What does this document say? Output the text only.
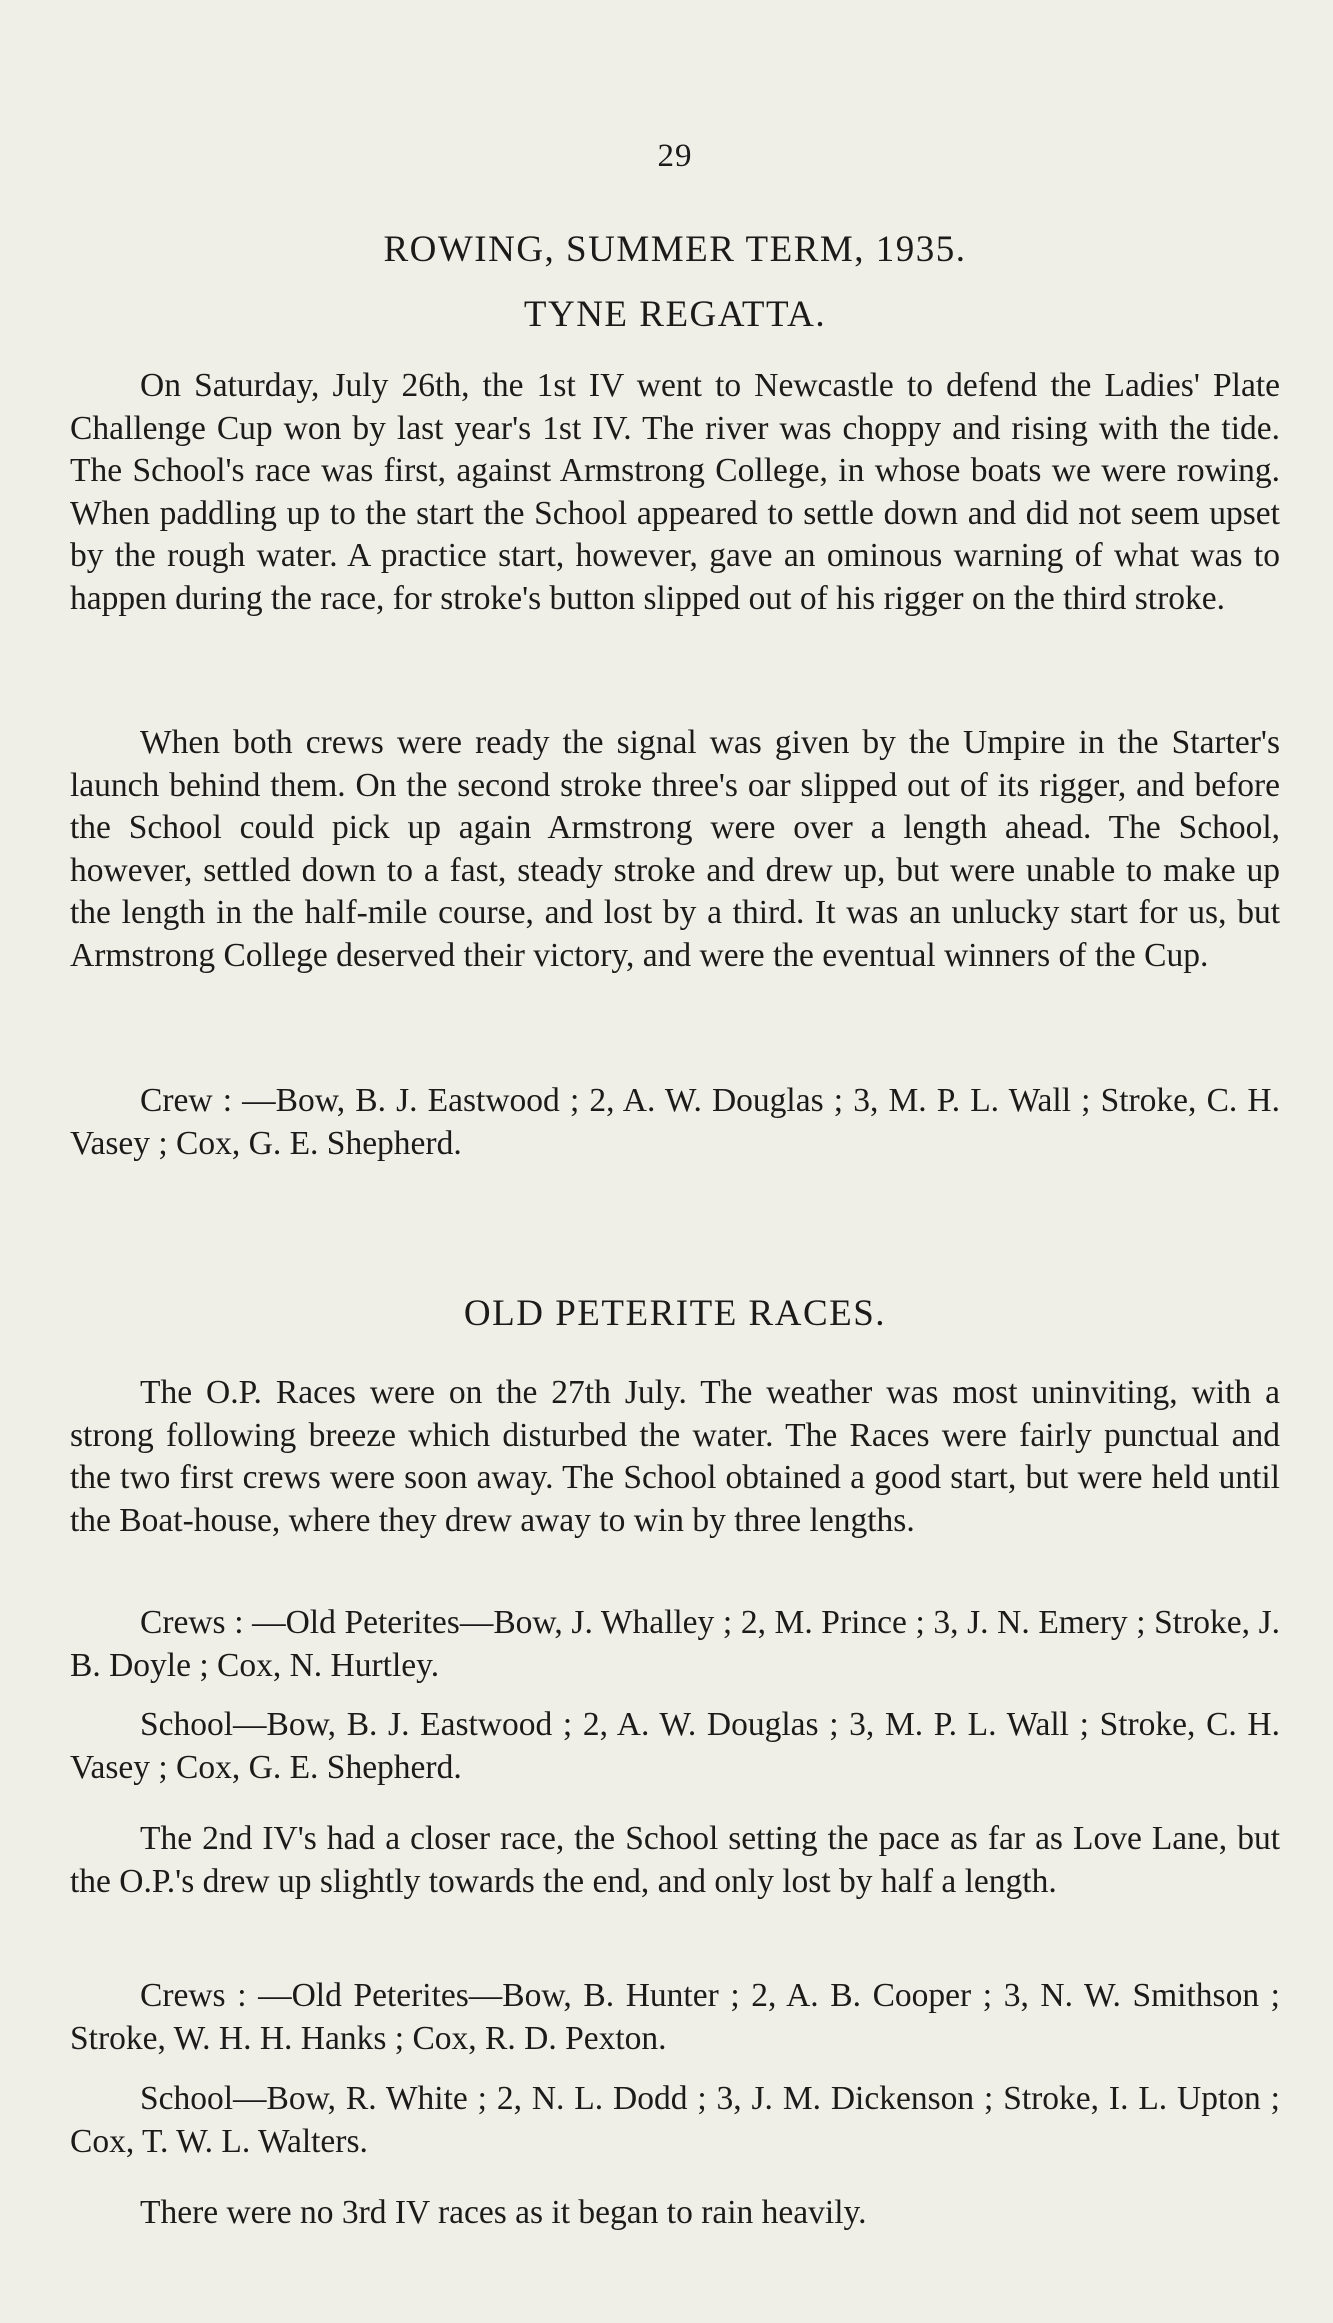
29
ROWING, SUMMER TERM, 1935.
TYNE REGATTA.

On Saturday, July 26th, the 1st IV went to Newcastle to defend the Ladies' Plate Challenge Cup won by last year's 1st IV. The river was choppy and rising with the tide. The School's race was first, against Armstrong College, in whose boats we were rowing. When paddling up to the start the School appeared to settle down and did not seem upset by the rough water. A practice start, however, gave an ominous warning of what was to happen during the race, for stroke's button slipped out of his rigger on the third stroke.

When both crews were ready the signal was given by the Umpire in the Starter's launch behind them. On the second stroke three's oar slipped out of its rigger, and before the School could pick up again Armstrong were over a length ahead. The School, however, settled down to a fast, steady stroke and drew up, but were unable to make up the length in the half-mile course, and lost by a third. It was an unlucky start for us, but Armstrong College deserved their victory, and were the eventual winners of the Cup.

Crew : —Bow, B. J. Eastwood ; 2, A. W. Douglas ; 3, M. P. L. Wall ; Stroke, C. H. Vasey ; Cox, G. E. Shepherd.

OLD PETERITE RACES.

The O.P. Races were on the 27th July. The weather was most uninviting, with a strong following breeze which disturbed the water. The Races were fairly punctual and the two first crews were soon away. The School obtained a good start, but were held until the Boat-house, where they drew away to win by three lengths.

Crews : —Old Peterites—Bow, J. Whalley ; 2, M. Prince ; 3, J. N. Emery ; Stroke, J. B. Doyle ; Cox, N. Hurtley.

School—Bow, B. J. Eastwood ; 2, A. W. Douglas ; 3, M. P. L. Wall ; Stroke, C. H. Vasey ; Cox, G. E. Shepherd.

The 2nd IV's had a closer race, the School setting the pace as far as Love Lane, but the O.P.'s drew up slightly towards the end, and only lost by half a length.

Crews : —Old Peterites—Bow, B. Hunter ; 2, A. B. Cooper ; 3, N. W. Smithson ; Stroke, W. H. H. Hanks ; Cox, R. D. Pexton.

School—Bow, R. White ; 2, N. L. Dodd ; 3, J. M. Dickenson ; Stroke, I. L. Upton ; Cox, T. W. L. Walters.

There were no 3rd IV races as it began to rain heavily.
